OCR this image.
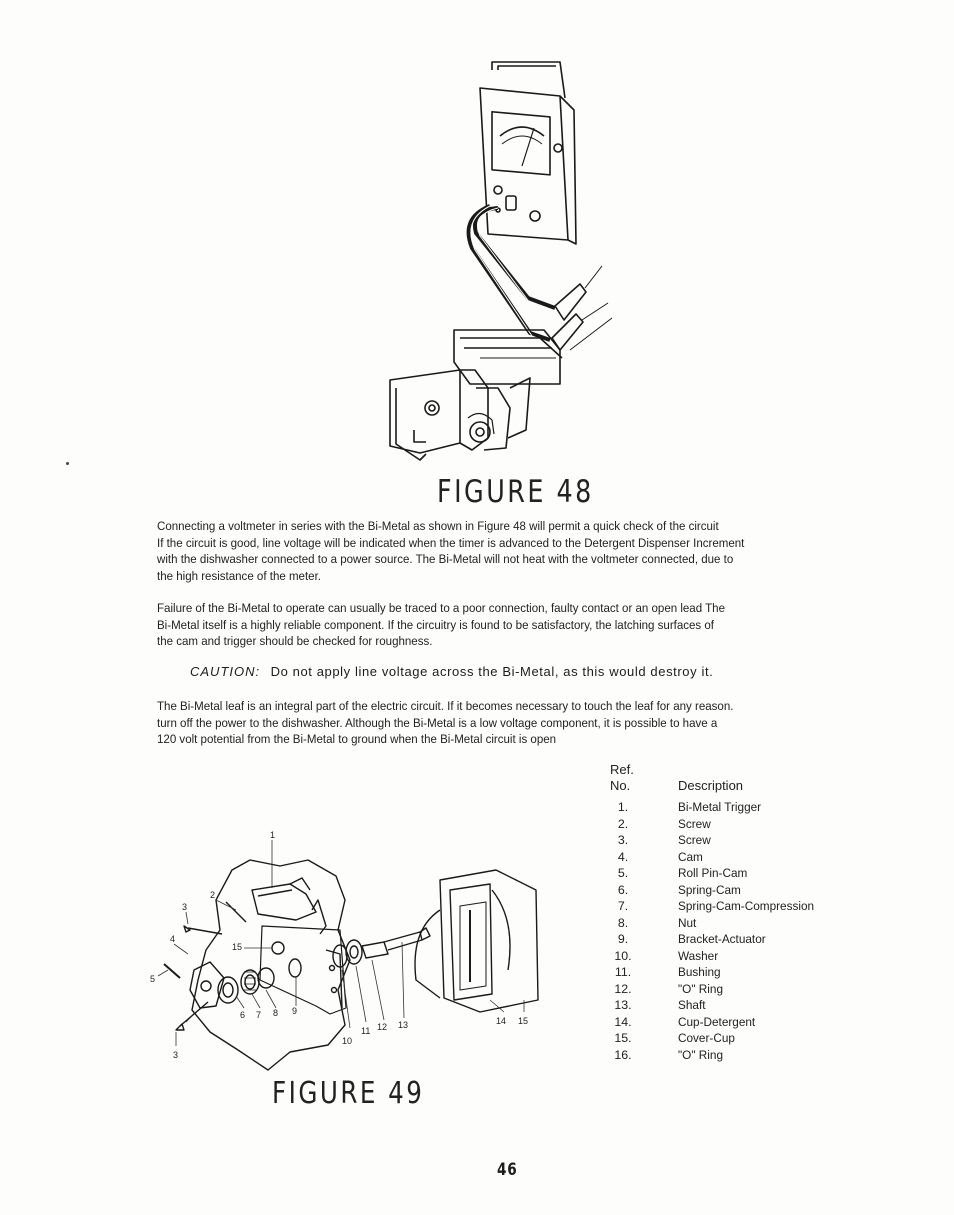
FIGURE 48
Connecting a voltmeter in series with the Bi-Metal as shown in Figure 48 will permit a quick check of the circuit
If the circuit is good, line voltage will be indicated when the timer is advanced to the Detergent Dispenser Increment
with the dishwasher connected to a power source. The Bi-Metal will not heat with the voltmeter connected, due to
the high resistance of the meter.
Failure of the Bi-Metal to operate can usually be traced to a poor connection, faulty contact or an open lead The
Bi-Metal itself is a highly reliable component. If the circuitry is found to be satisfactory, the latching surfaces of
the cam and trigger should be checked for roughness.
CAUTION: Do not apply line voltage across the Bi-Metal, as this would destroy it.
The Bi-Metal leaf is an integral part of the electric circuit. If it becomes necessary to touch the leaf for any reason.
turn off the power to the dishwasher. Although the Bi-Metal is a low voltage component, it is possible to have a
120 volt potential from the Bi-Metal to ground when the Bi-Metal circuit is open
1
2
3
4
5
3
15
6 7 8 9
10
11 12 13	14 15
FIGURE 49
Ref.
No.	Description
1.	Bi-Metal Trigger
2.	Screw
3.	Screw
4.	Cam
5.	Roll Pin-Cam
6.	Spring-Cam
7.	Spring-Cam-Compression
8.	Nut
9.	Bracket-Actuator
10.	Washer
11.	Bushing
12.	"O" Ring
13.	Shaft
14.	Cup-Detergent
15.	Cover-Cup
16.	"O" Ring
46
